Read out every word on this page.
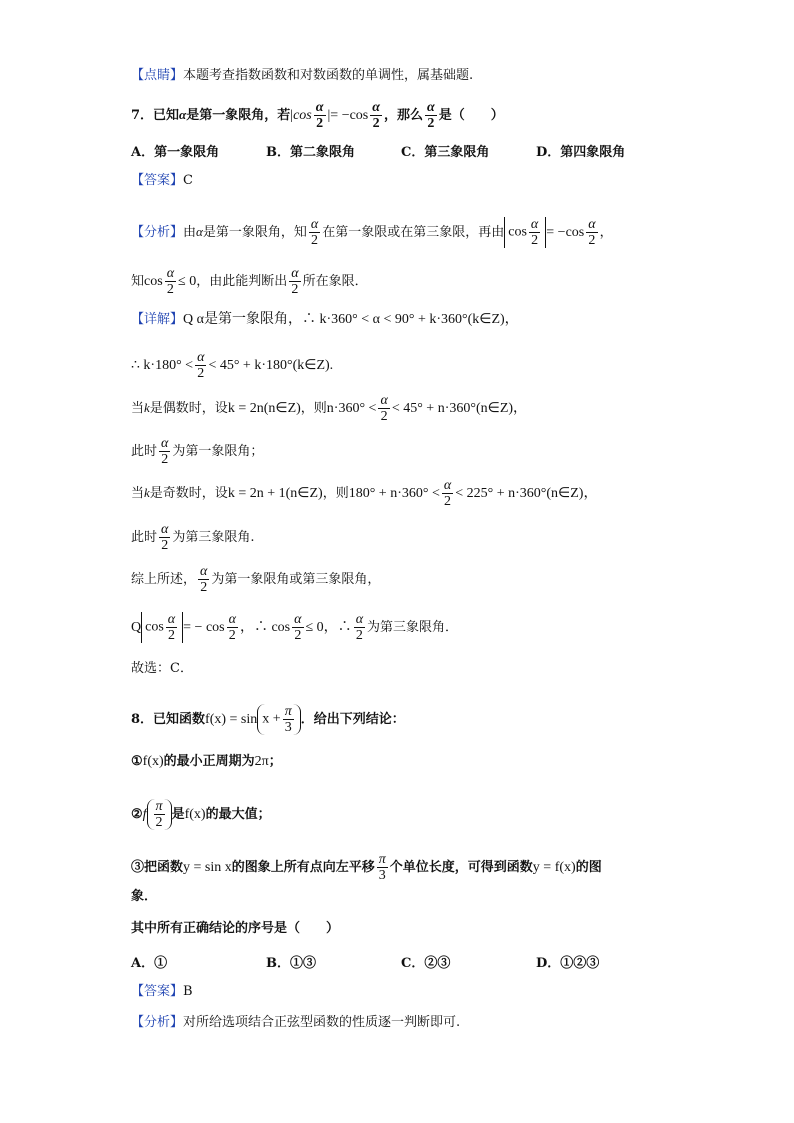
【点睛】本题考查指数函数和对数函数的单调性，属基础题.
7．已知α是第一象限角，若$|\cos \frac{\alpha}{2}$ |= $-\cos \frac{\alpha}{2}$ ，那么 $\frac{\alpha}{2}$ 是（　　）
A．第一象限角	B．第二象限角	C．第三象限角	D．第四象限角
【答案】C
【分析】由α是第一象限角，知 $\frac{\alpha}{2}$ 在第一象限或在第三象限，再由 $\cos \frac{\alpha}{2} = -\cos \frac{\alpha}{2}$ ，
知$\cos \frac{\alpha}{2} \le 0$，由此能判断出 $\frac{\alpha}{2}$ 所在象限．
【详解】Q α是第一象限角，∴ k·360° < α < 90° + k·360°(k∈Z)，
∴ $k\cdot 180^\circ < \frac{\alpha}{2} < 45^\circ$ + k·180°(k∈Z).
当k是偶数时，设k = 2n(n∈Z)，则$n\cdot 360^\circ < \frac{\alpha}{2} < 45^\circ$ + n·360°(n∈Z)，
此时 $\frac{\alpha}{2}$ 为第一象限角；
当k是奇数时，设k = 2n + 1(n∈Z)，则$180^\circ + n\cdot 360^\circ < \frac{\alpha}{2} < 225^\circ$ + n·360°(n∈Z)，
此时 $\frac{\alpha}{2}$ 为第三象限角.
综上所述， $\frac{\alpha}{2}$ 为第一象限角或第三象限角，
Q $\cos \frac{\alpha}{2}$ = − $\cos \frac{\alpha}{2}$ ，∴ $\cos \frac{\alpha}{2} \le 0$，∴ $\frac{\alpha}{2}$ 为第三象限角．
故选：C．
8．已知函数$f(x) = \sin x + \frac{\pi}{3}$ ．给出下列结论：
①f(x)的最小正周期为2π；
②f $\frac{\pi}{2}$ 是f(x)的最大值；
③把函数y = sin x的图象上所有点向左平移 $\frac{\pi}{3}$ 个单位长度，可得到函数y = f(x)的图
象．
其中所有正确结论的序号是（　　）
A．①	B．①③	C．②③	D．①②③
【答案】B
【分析】对所给选项结合正弦型函数的性质逐一判断即可.
